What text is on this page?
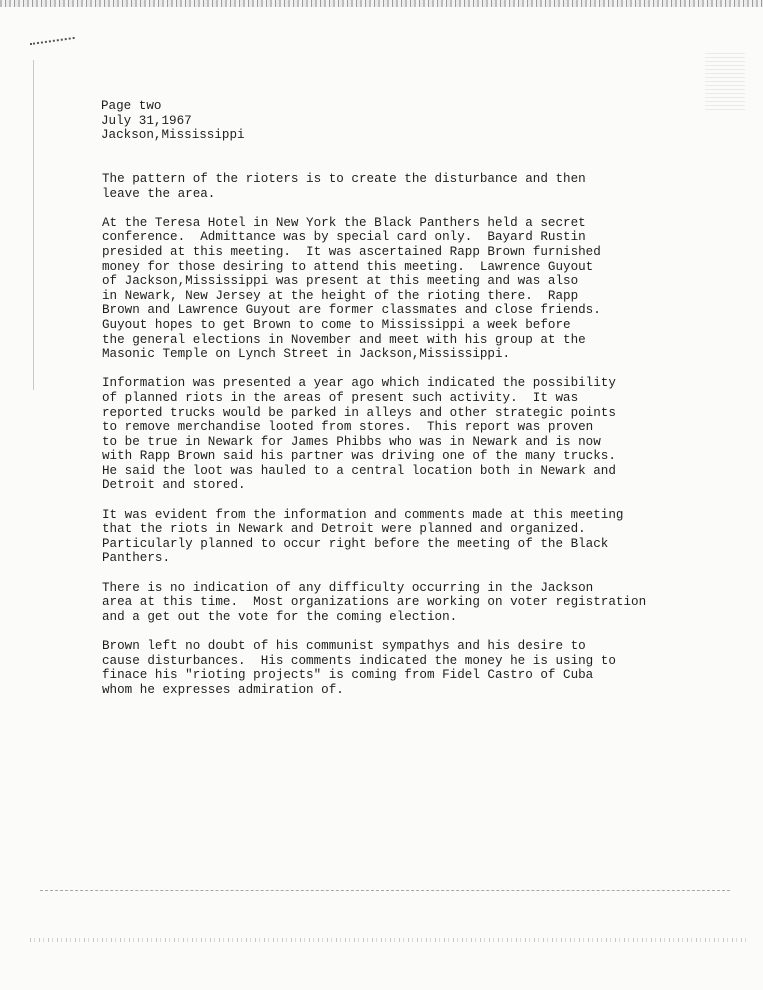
Page two
July 31,1967
Jackson,Mississippi
The pattern of the rioters is to create the disturbance and then
leave the area.
At the Teresa Hotel in New York the Black Panthers held a secret
conference.  Admittance was by special card only.  Bayard Rustin
presided at this meeting.  It was ascertained Rapp Brown furnished
money for those desiring to attend this meeting.  Lawrence Guyout
of Jackson,Mississippi was present at this meeting and was also
in Newark, New Jersey at the height of the rioting there.  Rapp
Brown and Lawrence Guyout are former classmates and close friends.
Guyout hopes to get Brown to come to Mississippi a week before
the general elections in November and meet with his group at the
Masonic Temple on Lynch Street in Jackson,Mississippi.
Information was presented a year ago which indicated the possibility
of planned riots in the areas of present such activity.  It was
reported trucks would be parked in alleys and other strategic points
to remove merchandise looted from stores.  This report was proven
to be true in Newark for James Phibbs who was in Newark and is now
with Rapp Brown said his partner was driving one of the many trucks.
He said the loot was hauled to a central location both in Newark and
Detroit and stored.
It was evident from the information and comments made at this meeting
that the riots in Newark and Detroit were planned and organized.
Particularly planned to occur right before the meeting of the Black
Panthers.
There is no indication of any difficulty occurring in the Jackson
area at this time.  Most organizations are working on voter registration
and a get out the vote for the coming election.
Brown left no doubt of his communist sympathys and his desire to
cause disturbances.  His comments indicated the money he is using to
finace his "rioting projects" is coming from Fidel Castro of Cuba
whom he expresses admiration of.
